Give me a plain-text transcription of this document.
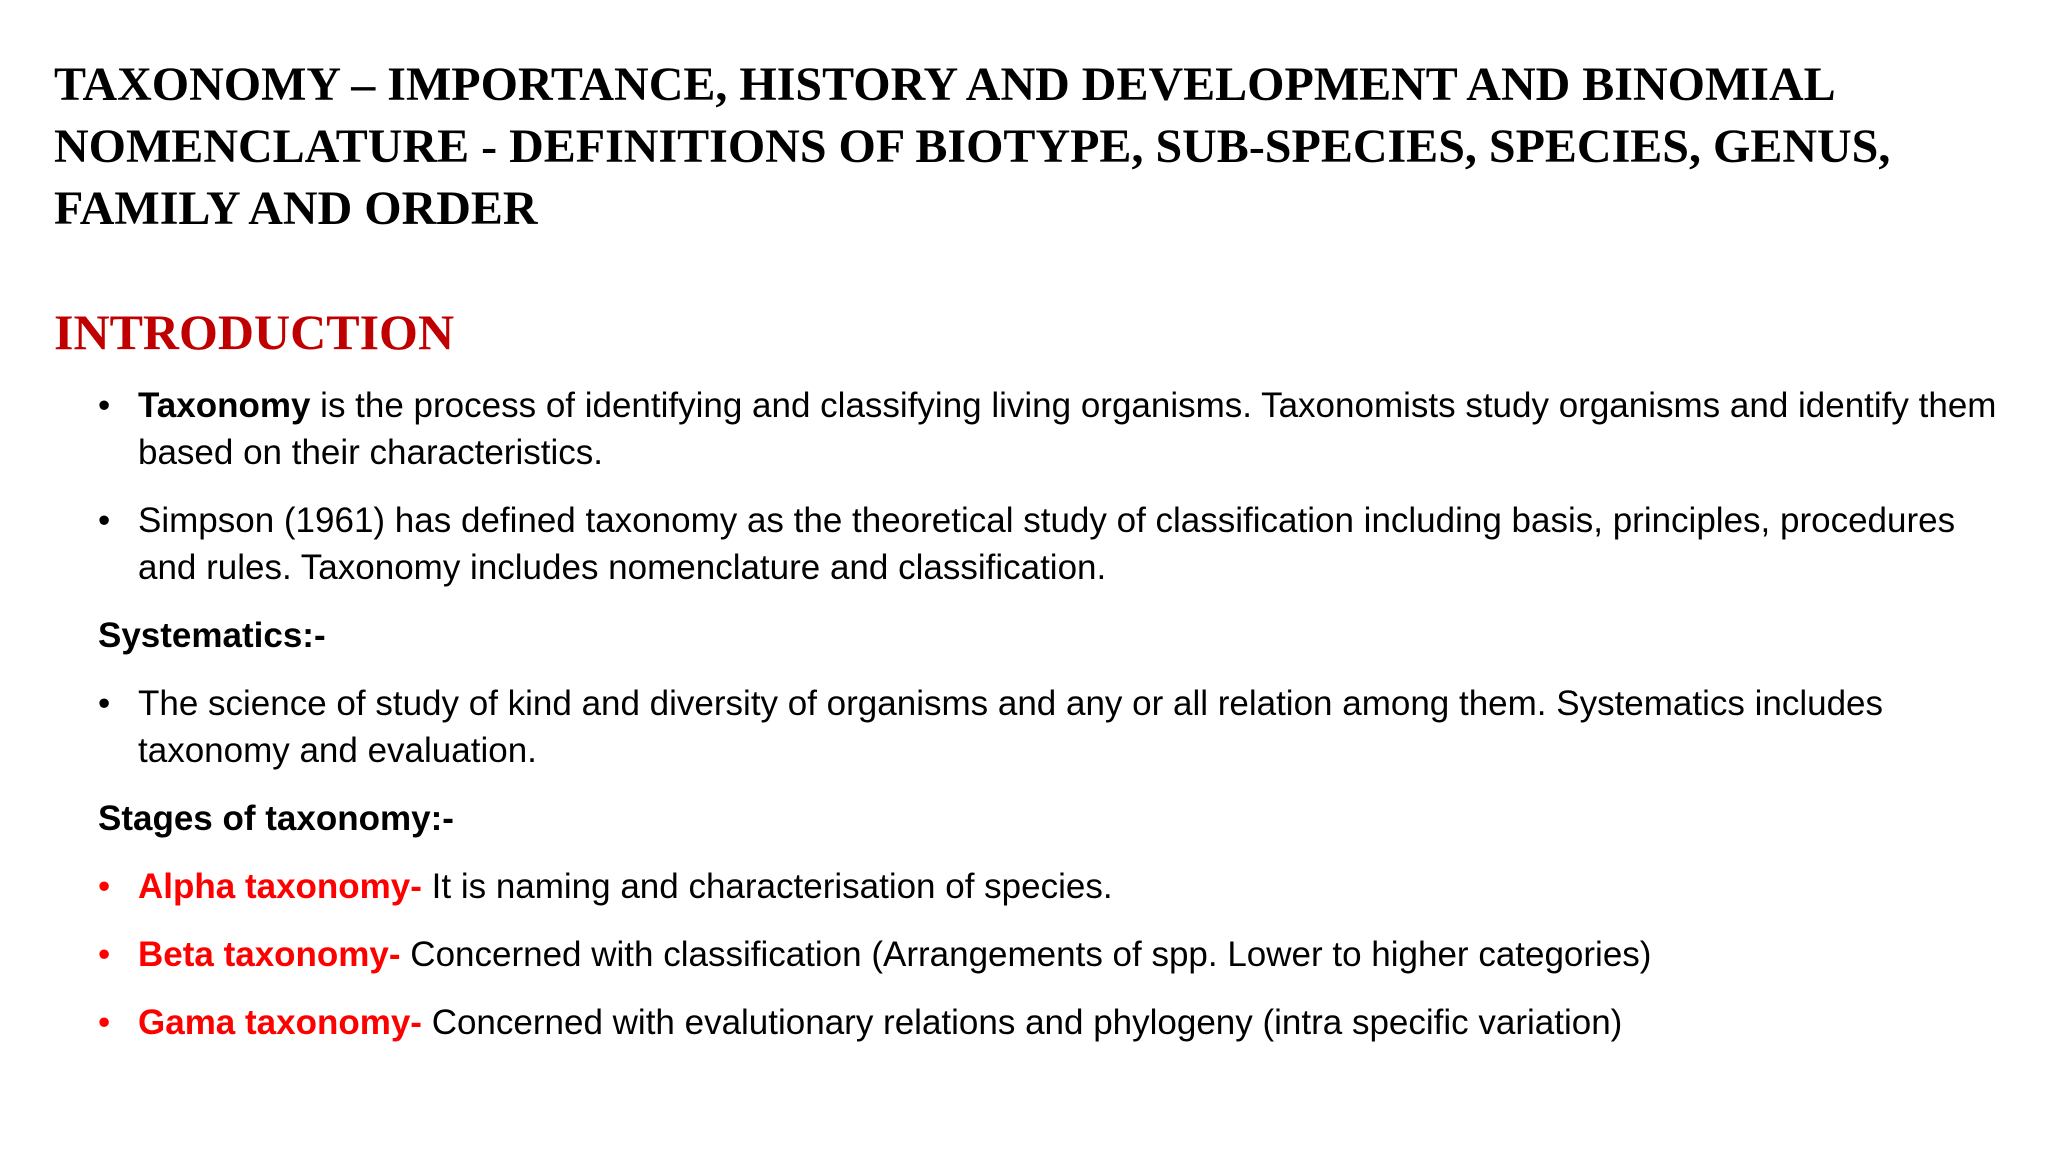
TAXONOMY – IMPORTANCE, HISTORY AND DEVELOPMENT AND BINOMIAL NOMENCLATURE - DEFINITIONS OF BIOTYPE, SUB-SPECIES, SPECIES, GENUS, FAMILY AND ORDER
INTRODUCTION
• Taxonomy is the process of identifying and classifying living organisms. Taxonomists study organisms and identify them based on their characteristics.
• Simpson (1961) has defined taxonomy as the theoretical study of classification including basis, principles, procedures and rules. Taxonomy includes nomenclature and classification.
Systematics:-
• The science of study of kind and diversity of organisms and any or all relation among them. Systematics includes taxonomy and evaluation.
Stages of taxonomy:-
• Alpha taxonomy- It is naming and characterisation of species.
• Beta taxonomy- Concerned with classification (Arrangements of spp. Lower to higher categories)
• Gama taxonomy- Concerned with evalutionary relations and phylogeny (intra specific variation)
